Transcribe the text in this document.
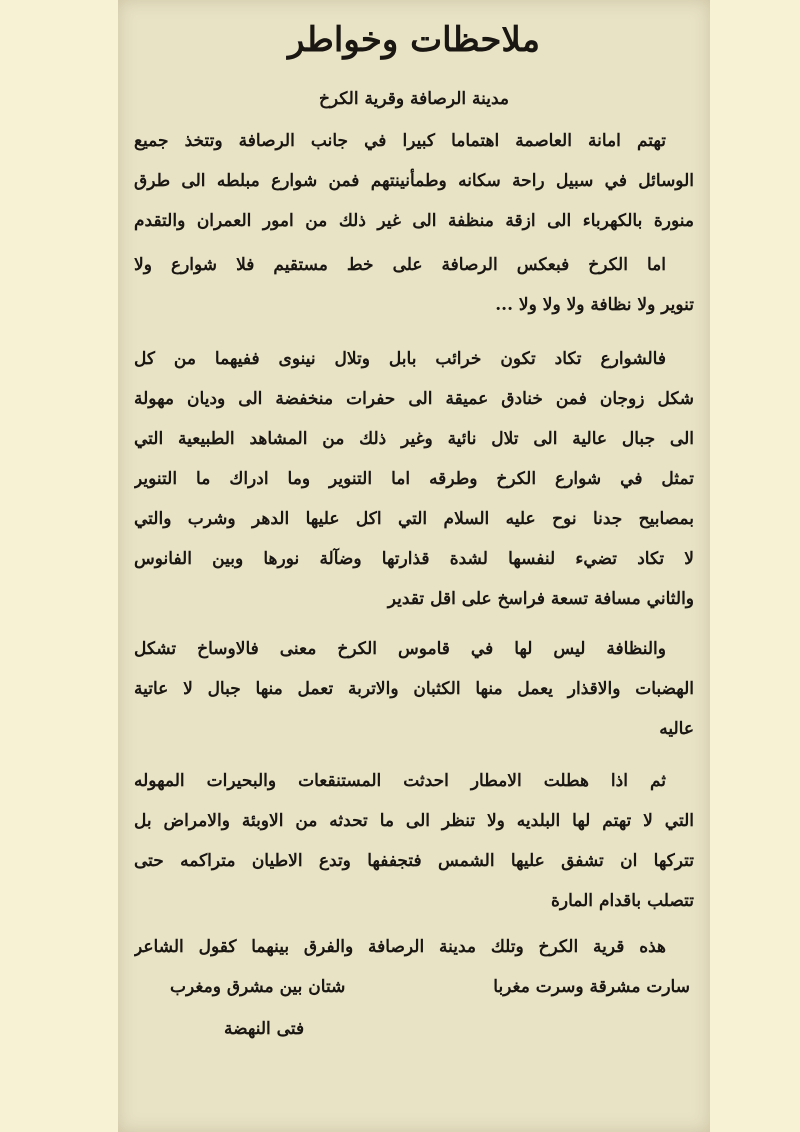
ملاحظات وخواطر
مدينة الرصافة وقرية الكرخ
تهتم امانة العاصمة اهتماما كبيرا في جانب الرصافة وتتخذ جميع
الوسائل في سبيل راحة سكانه وطمأنينتهم فمن شوارع مبلطه الى طرق
منورة بالكهرباء الى ازقة منظفة الى غير ذلك من امور العمران والتقدم
اما الكرخ فبعكس الرصافة على خط مستقيم فلا شوارع ولا
تنوير ولا نظافة ولا ولا ولا ...
فالشوارع تكاد تكون خرائب بابل وتلال نينوى ففيهما من كل
شكل زوجان فمن خنادق عميقة الى حفرات منخفضة الى وديان مهولة
الى جبال عالية الى تلال نائية وغير ذلك من المشاهد الطبيعية التي
تمثل في شوارع الكرخ وطرقه اما التنوير وما ادراك ما التنوير
بمصابيح جدنا نوح عليه السلام التي اكل عليها الدهر وشرب والتي
لا تكاد تضيء لنفسها لشدة قذارتها وضآلة نورها وبين الفانوس
والثاني مسافة تسعة فراسخ على اقل تقدير
والنظافة ليس لها في قاموس الكرخ معنى فالاوساخ تشكل
الهضبات والاقذار يعمل منها الكثبان والاتربة تعمل منها جبال لا عاتية
عاليه
ثم اذا هطلت الامطار احدثت المستنقعات والبحيرات المهوله
التي لا تهتم لها البلديه ولا تنظر الى ما تحدثه من الاوبئة والامراض بل
تتركها ان تشفق عليها الشمس فتجففها وتدع الاطيان متراكمه حتى
تتصلب باقدام المارة
هذه قرية الكرخ وتلك مدينة الرصافة والفرق بينهما كقول الشاعر
سارت مشرقة وسرت مغربا
شتان بين مشرق ومغرب
فتى النهضة
